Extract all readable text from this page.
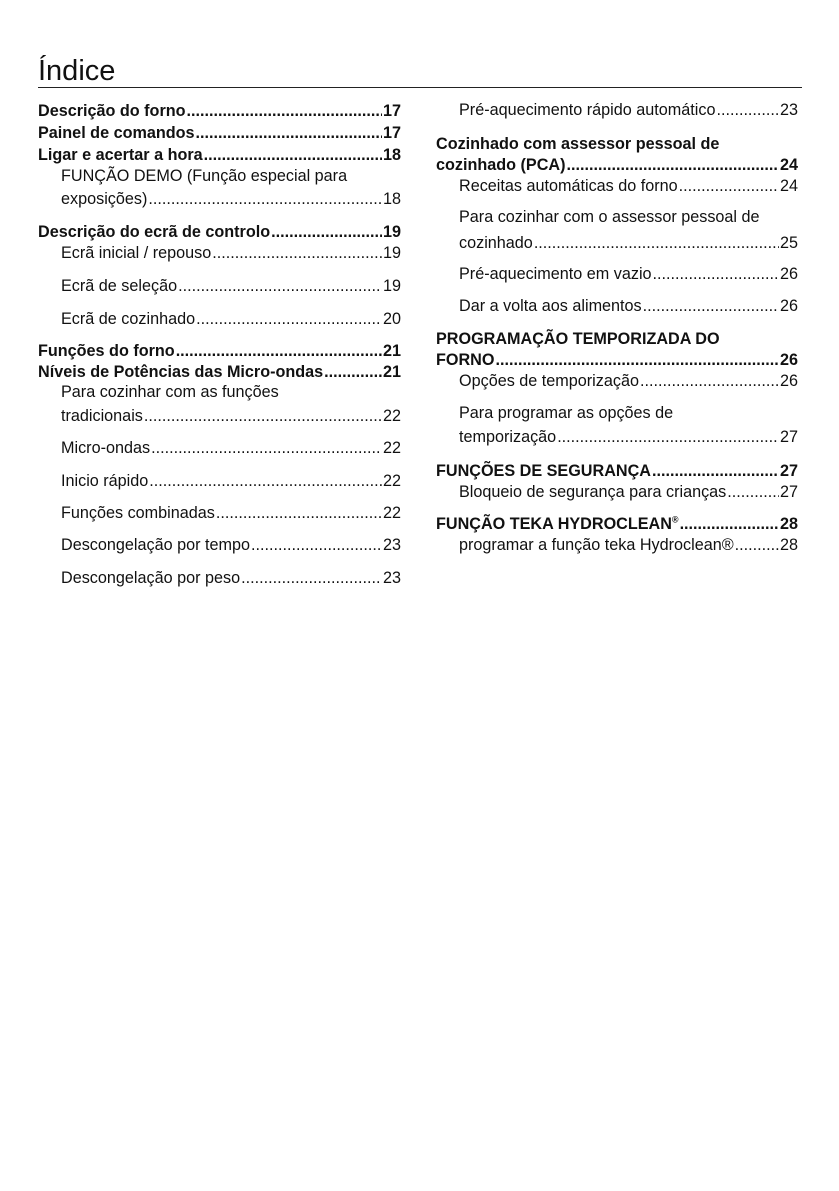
Índice
Descrição do forno .....	17
Painel de comandos .....	17
Ligar e acertar a hora .....	18
FUNÇÃO DEMO (Função especial para
exposições) .....	18
Descrição do ecrã de controlo .....	19
Ecrã inicial / repouso .....	19
Ecrã de seleção .....	19
Ecrã de cozinhado .....	20
Funções do forno .....	21
Níveis de Potências das Micro-ondas .....	21
Para cozinhar com as funções
tradicionais .....	22
Micro-ondas .....	22
Inicio rápido .....	22
Funções combinadas .....	22
Descongelação por tempo .....	23
Descongelação por peso .....	23
Pré-aquecimento rápido automático .....	23
Cozinhado com assessor pessoal de
cozinhado (PCA) .....	24
Receitas automáticas do forno .....	24
Para cozinhar com o assessor pessoal de
cozinhado .....	25
Pré-aquecimento em vazio .....	26
Dar a volta aos alimentos .....	26
PROGRAMAÇÃO TEMPORIZADA DO
FORNO .....	26
Opções de temporização .....	26
Para programar as opções de
temporização .....	27
FUNÇÕES DE SEGURANÇA .....	27
Bloqueio de segurança para crianças .....	27
FUNÇÃO TEKA HYDROCLEAN® .....	28
programar a função teka Hydroclean® .....	28
